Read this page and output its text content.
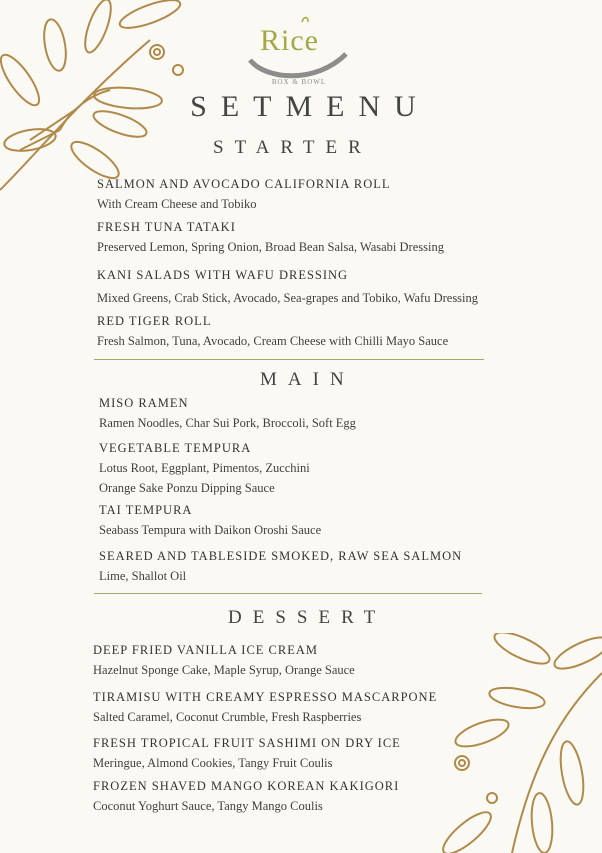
Rice
BOX & BOWL
SETMENU
STARTER
SALMON AND AVOCADO CALIFORNIA ROLL
With Cream Cheese and Tobiko
FRESH TUNA TATAKI
Preserved Lemon, Spring Onion, Broad Bean Salsa, Wasabi Dressing
KANI SALADS WITH WAFU DRESSING
Mixed Greens, Crab Stick, Avocado, Sea-grapes and Tobiko, Wafu Dressing
RED TIGER ROLL
Fresh Salmon, Tuna, Avocado, Cream Cheese with Chilli Mayo Sauce
MAIN
MISO RAMEN
Ramen Noodles, Char Sui Pork, Broccoli, Soft Egg
VEGETABLE TEMPURA
Lotus Root, Eggplant, Pimentos, Zucchini
Orange Sake Ponzu Dipping Sauce
TAI TEMPURA
Seabass Tempura with Daikon Oroshi Sauce
SEARED AND TABLESIDE SMOKED, RAW SEA SALMON
Lime, Shallot Oil
DESSERT
DEEP FRIED VANILLA ICE CREAM
Hazelnut Sponge Cake, Maple Syrup, Orange Sauce
TIRAMISU WITH CREAMY ESPRESSO MASCARPONE
Salted Caramel, Coconut Crumble, Fresh Raspberries
FRESH TROPICAL FRUIT SASHIMI ON DRY ICE
Meringue, Almond Cookies, Tangy Fruit Coulis
FROZEN SHAVED MANGO KOREAN KAKIGORI
Coconut Yoghurt Sauce, Tangy Mango Coulis
